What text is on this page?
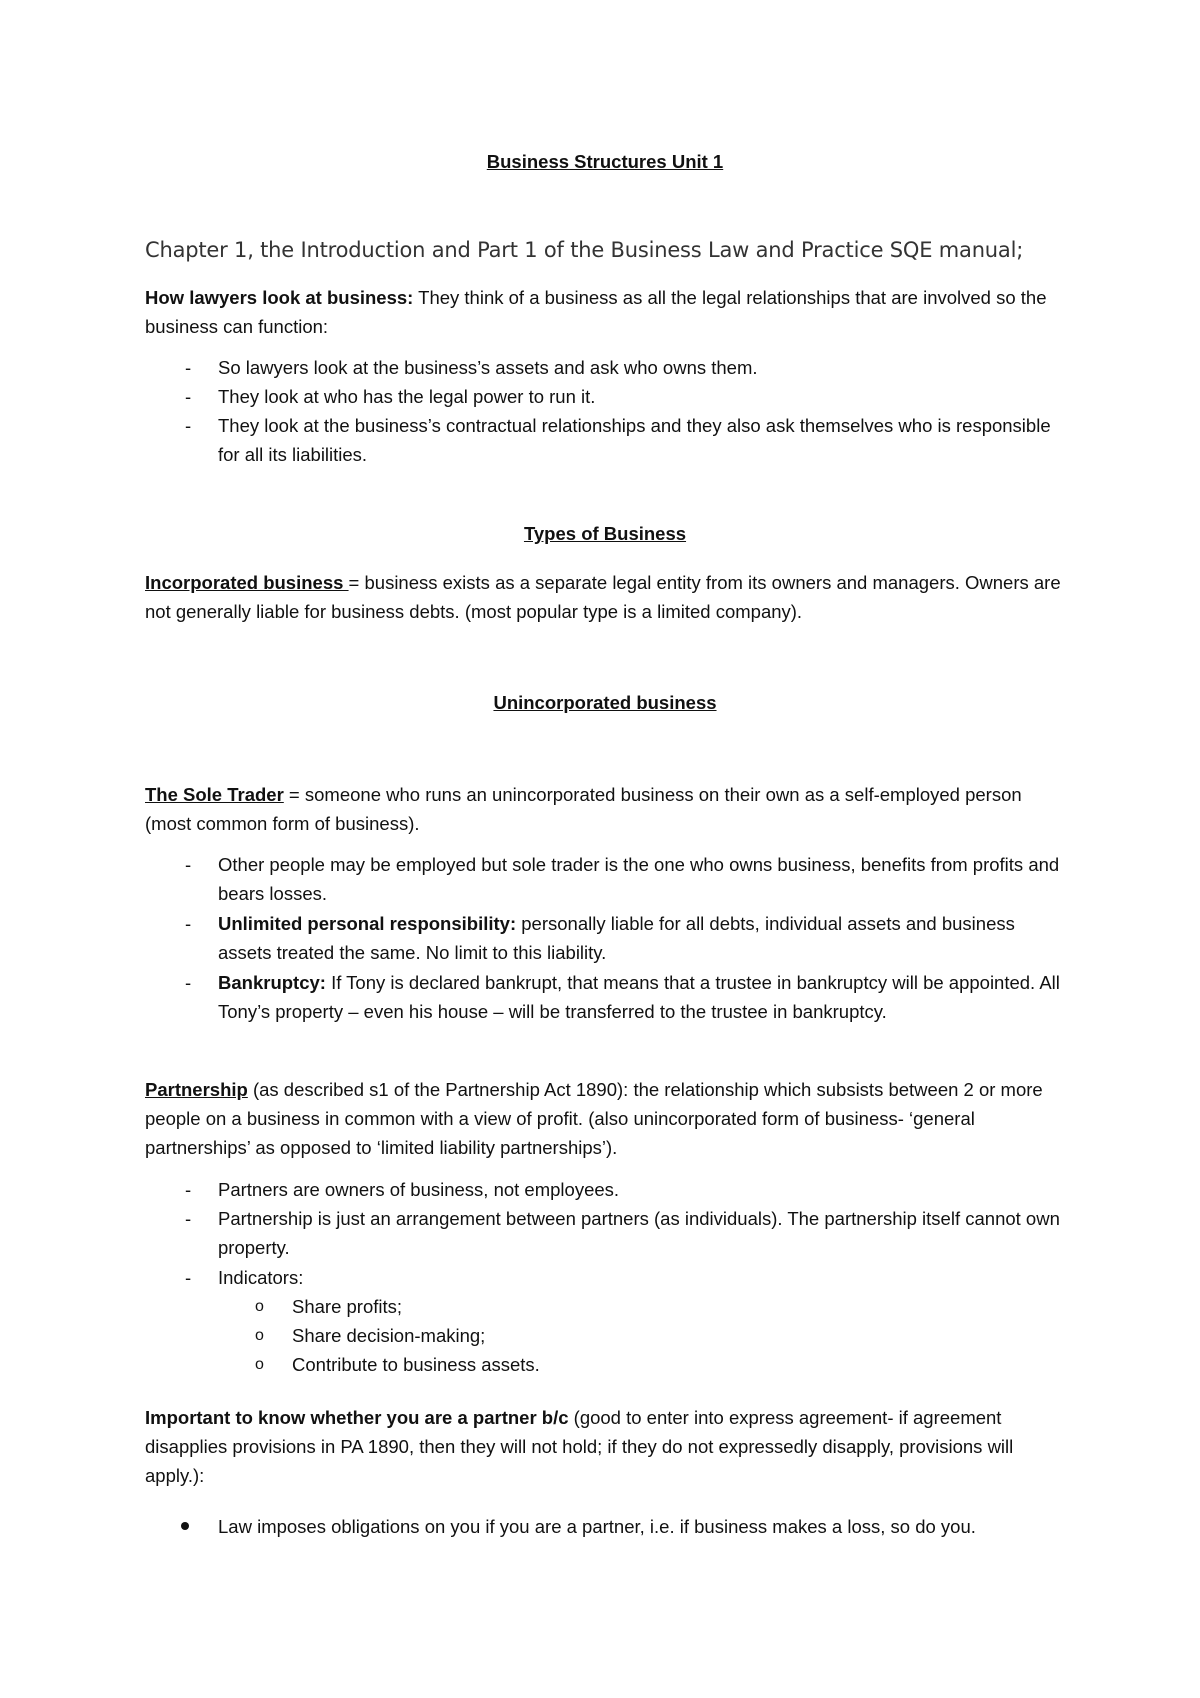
Business Structures Unit 1
Chapter 1, the Introduction and Part 1 of the Business Law and Practice SQE manual;
How lawyers look at business: They think of a business as all the legal relationships that are involved so the business can function:
- So lawyers look at the business’s assets and ask who owns them.
- They look at who has the legal power to run it.
- They look at the business’s contractual relationships and they also ask themselves who is responsible for all its liabilities.
Types of Business
Incorporated business = business exists as a separate legal entity from its owners and managers. Owners are not generally liable for business debts. (most popular type is a limited company).
Unincorporated business
The Sole Trader = someone who runs an unincorporated business on their own as a self-employed person (most common form of business).
- Other people may be employed but sole trader is the one who owns business, benefits from profits and bears losses.
- Unlimited personal responsibility: personally liable for all debts, individual assets and business assets treated the same. No limit to this liability.
- Bankruptcy: If Tony is declared bankrupt, that means that a trustee in bankruptcy will be appointed. All Tony’s property – even his house – will be transferred to the trustee in bankruptcy.
Partnership (as described s1 of the Partnership Act 1890): the relationship which subsists between 2 or more people on a business in common with a view of profit. (also unincorporated form of business- ‘general partnerships’ as opposed to ‘limited liability partnerships’).
- Partners are owners of business, not employees.
- Partnership is just an arrangement between partners (as individuals). The partnership itself cannot own property.
- Indicators:
o Share profits;
o Share decision-making;
o Contribute to business assets.
Important to know whether you are a partner b/c (good to enter into express agreement- if agreement disapplies provisions in PA 1890, then they will not hold; if they do not expressedly disapply, provisions will apply.):
Law imposes obligations on you if you are a partner, i.e. if business makes a loss, so do you.
